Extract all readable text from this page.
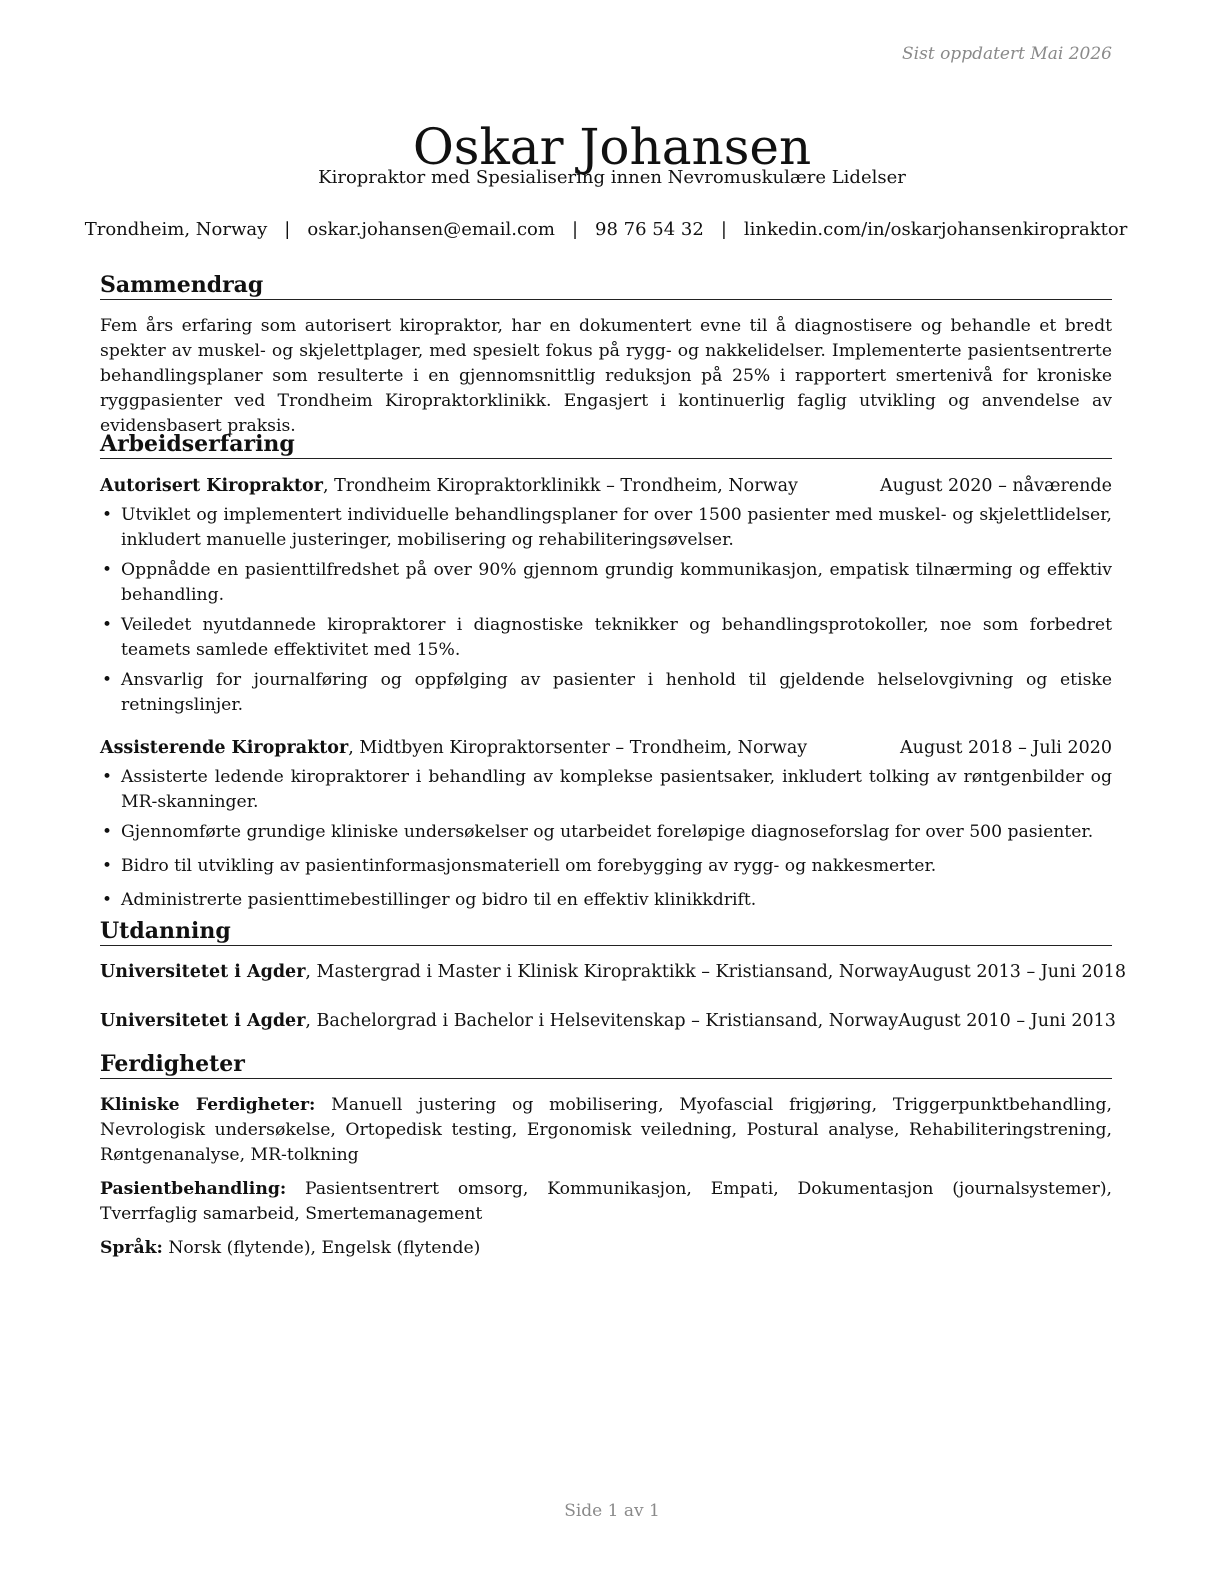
Sist oppdatert Mai 2026
Oskar Johansen
Kiropraktor med Spesialisering innen Nevromuskulære Lidelser
Trondheim, Norway | oskar.johansen@email.com | 98 76 54 32 | linkedin.com/in/oskarjohansenkiropraktor
Sammendrag

Fem års erfaring som autorisert kiropraktor, har en dokumentert evne til å diagnostisere og behandle et bredt spekter av muskel- og skjelettplager, med spesielt fokus på rygg- og nakkelidelser. Implementerte pasientsentrerte behandlingsplaner som resulterte i en gjennomsnittlig reduksjon på 25% i rapportert smertenivå for kroniske ryggpasienter ved Trondheim Kiropraktorklinikk. Engasjert i kontinuerlig faglig utvikling og anvendelse av evidensbasert praksis.

Arbeidserfaring
Autorisert Kiropraktor, Trondheim Kiropraktorklinikk – Trondheim, Norway	August 2020 – nåværende
• Utviklet og implementert individuelle behandlingsplaner for over 1500 pasienter med muskel- og skjelettlidelser, inkludert manuelle justeringer, mobilisering og rehabiliteringsøvelser.
• Oppnådde en pasienttilfredshet på over 90% gjennom grundig kommunikasjon, empatisk tilnærming og effektiv behandling.
• Veiledet nyutdannede kiropraktorer i diagnostiske teknikker og behandlingsprotokoller, noe som forbedret teamets samlede effektivitet med 15%.
• Ansvarlig for journalføring og oppfølging av pasienter i henhold til gjeldende helselovgivning og etiske retningslinjer.
Assisterende Kiropraktor, Midtbyen Kiropraktorsenter – Trondheim, Norway	August 2018 – Juli 2020
• Assisterte ledende kiropraktorer i behandling av komplekse pasientsaker, inkludert tolking av røntgenbilder og MR-skanninger.
• Gjennomførte grundige kliniske undersøkelser og utarbeidet foreløpige diagnoseforslag for over 500 pasienter.
• Bidro til utvikling av pasientinformasjonsmateriell om forebygging av rygg- og nakkesmerter.
• Administrerte pasienttimebestillinger og bidro til en effektiv klinikkdrift.
Utdanning
Universitetet i Agder, Mastergrad i Master i Klinisk Kiropraktikk – Kristiansand, Norway August 2013 – Juni 2018
Universitetet i Agder, Bachelorgrad i Bachelor i Helsevitenskap – Kristiansand, Norway August 2010 – Juni 2013
Ferdigheter
Kliniske Ferdigheter: Manuell justering og mobilisering, Myofascial frigjøring, Triggerpunktbehandling, Nevrologisk undersøkelse, Ortopedisk testing, Ergonomisk veiledning, Postural analyse, Rehabiliteringstrening, Røntgenanalyse, MR-tolkning
Pasientbehandling: Pasientsentrert omsorg, Kommunikasjon, Empati, Dokumentasjon (journalsystemer), Tverrfaglig samarbeid, Smertemanagement
Språk: Norsk (flytende), Engelsk (flytende)
Side 1 av 1
